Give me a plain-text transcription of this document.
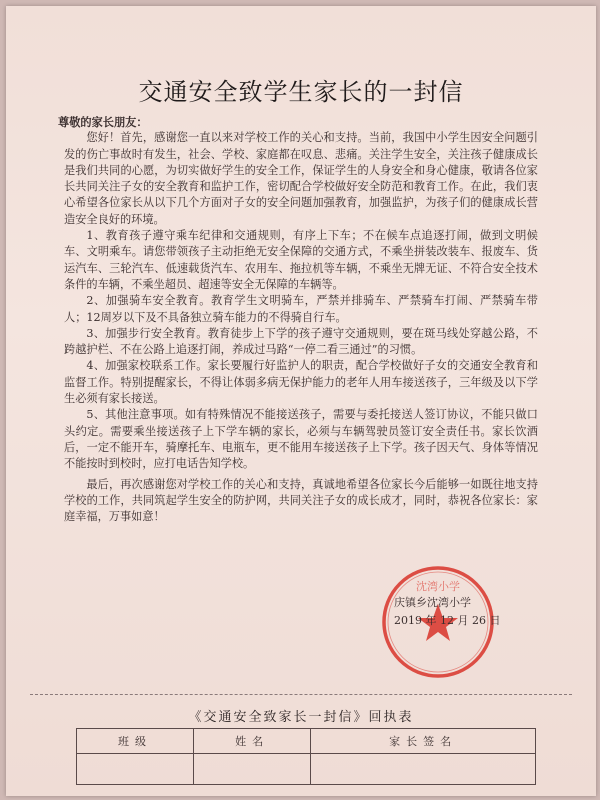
交通安全致学生家长的一封信

尊敬的家长朋友：

您好！首先，感谢您一直以来对学校工作的关心和支持。当前，我国中小学生因安全问题引发的伤亡事故时有发生，社会、学校、家庭都在叹息、悲痛。关注学生安全，关注孩子健康成长是我们共同的心愿，为切实做好学生的安全工作，保证学生的人身安全和身心健康，敬请各位家长共同关注子女的安全教育和监护工作，密切配合学校做好安全防范和教育工作。在此，我们衷心希望各位家长从以下几个方面对子女的安全问题加强教育，加强监护，为孩子们的健康成长营造安全良好的环境。

1、教育孩子遵守乘车纪律和交通规则，有序上下车；不在候车点追逐打闹，做到文明候车、文明乘车。请您带领孩子主动拒绝无安全保障的交通方式，不乘坐拼装改装车、报废车、货运汽车、三轮汽车、低速载货汽车、农用车、拖拉机等车辆，不乘坐无牌无证、不符合安全技术条件的车辆，不乘坐超员、超速等安全无保障的车辆等。

2、加强骑车安全教育。教育学生文明骑车，严禁并排骑车、严禁骑车打闹、严禁骑车带人；12周岁以下及不具备独立骑车能力的不得骑自行车。

3、加强步行安全教育。教育徒步上下学的孩子遵守交通规则，要在斑马线处穿越公路，不跨越护栏、不在公路上追逐打闹，养成过马路“一停二看三通过”的习惯。

4、加强家校联系工作。家长要履行好监护人的职责，配合学校做好子女的交通安全教育和监督工作。特别提醒家长，不得让体弱多病无保护能力的老年人用车接送孩子，三年级及以下学生必须有家长接送。

5、其他注意事项。如有特殊情况不能接送孩子，需要与委托接送人签订协议，不能只做口头约定。需要乘坐接送孩子上下学车辆的家长，必须与车辆驾驶员签订安全责任书。家长饮酒后，一定不能开车，骑摩托车、电瓶车，更不能用车接送孩子上下学。孩子因天气、身体等情况不能按时到校时，应打电话告知学校。

最后，再次感谢您对学校工作的关心和支持，真诚地希望各位家长今后能够一如既往地支持学校的工作，共同筑起学生安全的防护网，共同关注子女的成长成才，同时，恭祝各位家长：家庭幸福，万事如意！

沈湾小学
庆镇乡沈湾小学
2019 年 12 月 26 日
《交通安全致家长一封信》回执表
班级	姓名	家长签名
